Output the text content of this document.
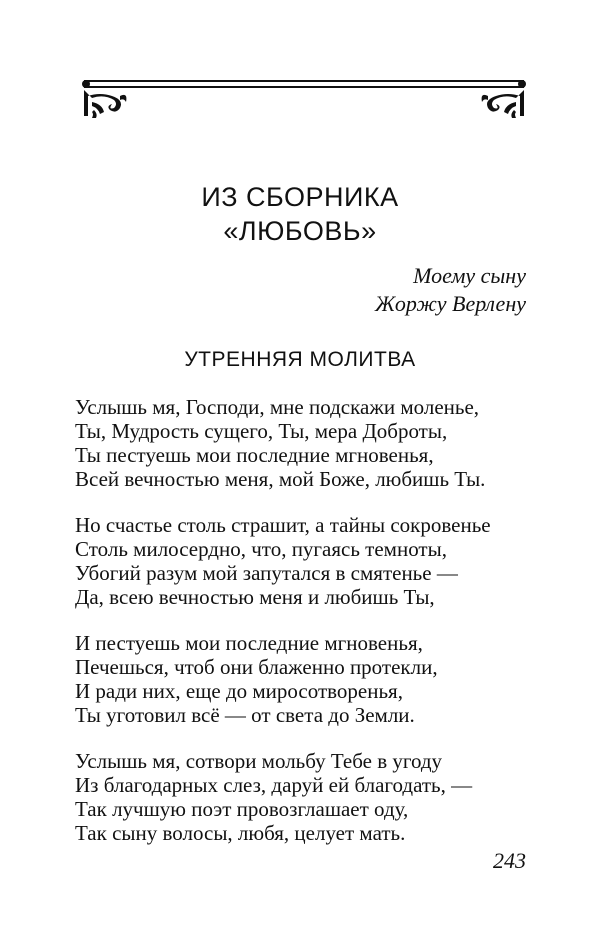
ИЗ СБОРНИКА
«ЛЮБОВЬ»
Моему сыну
Жоржу Верлену
УТРЕННЯЯ МОЛИТВА
Услышь мя, Господи, мне подскажи моленье,
Ты, Мудрость сущего, Ты, мера Доброты,
Ты пестуешь мои последние мгновенья,
Всей вечностью меня, мой Боже, любишь Ты.
Но счастье столь страшит, а тайны сокровенье
Столь милосердно, что, пугаясь темноты,
Убогий разум мой запутался в смятенье —
Да, всею вечностью меня и любишь Ты,
И пестуешь мои последние мгновенья,
Печешься, чтоб они блаженно протекли,
И ради них, еще до миросотворенья,
Ты уготовил всё — от света до Земли.
Услышь мя, сотвори мольбу Тебе в угоду
Из благодарных слез, даруй ей благодать, —
Так лучшую поэт провозглашает оду,
Так сыну волосы, любя, целует мать.
243
